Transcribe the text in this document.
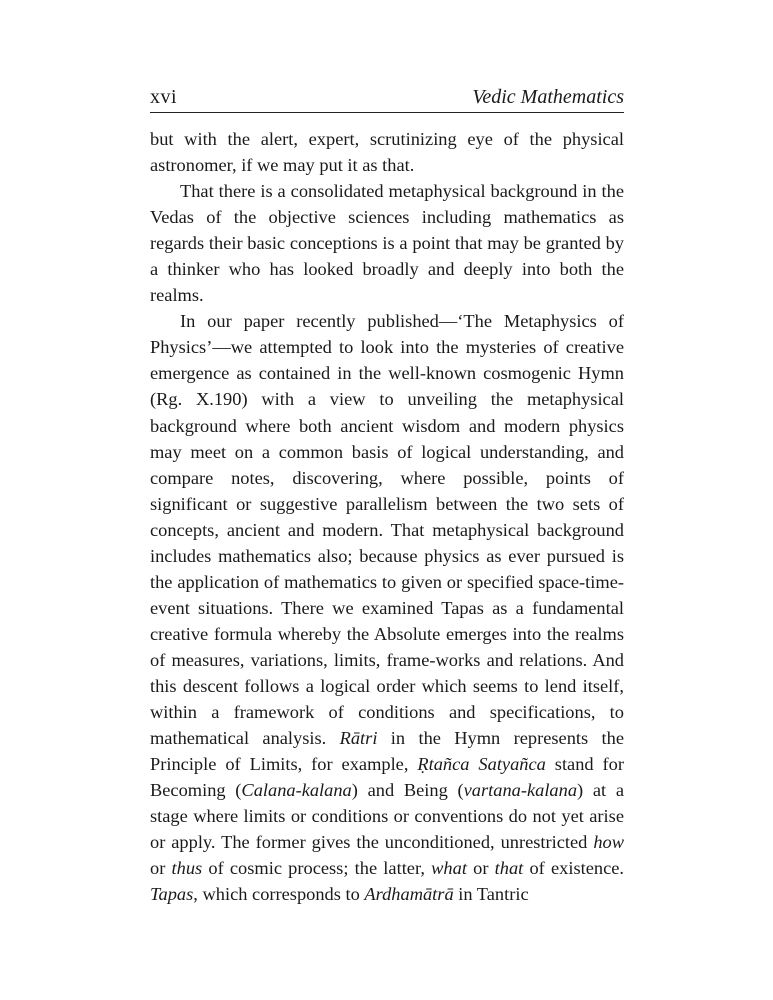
xvi	Vedic Mathematics

but with the alert, expert, scrutinizing eye of the physical astronomer, if we may put it as that.

That there is a consolidated metaphysical background in the Vedas of the objective sciences including mathematics as regards their basic conceptions is a point that may be granted by a thinker who has looked broadly and deeply into both the realms.

In our paper recently published—‘The Metaphysics of Physics’—we attempted to look into the mysteries of creative emergence as contained in the well-known cosmogenic Hymn (Rg. X.190) with a view to unveiling the metaphysical background where both ancient wisdom and modern physics may meet on a common basis of logical understanding, and compare notes, discovering, where possible, points of significant or suggestive parallelism between the two sets of concepts, ancient and modern. That metaphysical background includes mathematics also; because physics as ever pursued is the application of mathematics to given or specified space-time-event situations. There we examined Tapas as a fundamental creative formula whereby the Absolute emerges into the realms of measures, variations, limits, frame-works and relations. And this descent follows a logical order which seems to lend itself, within a framework of conditions and specifications, to mathematical analysis. Rātri in the Hymn represents the Principle of Limits, for example, Ṛtañca Satyañca stand for Becoming (Calana-kalana) and Being (vartana-kalana) at a stage where limits or conditions or conventions do not yet arise or apply. The former gives the unconditioned, unrestricted how or thus of cosmic process; the latter, what or that of existence. Tapas, which corresponds to Ardhamātrā in Tantric
